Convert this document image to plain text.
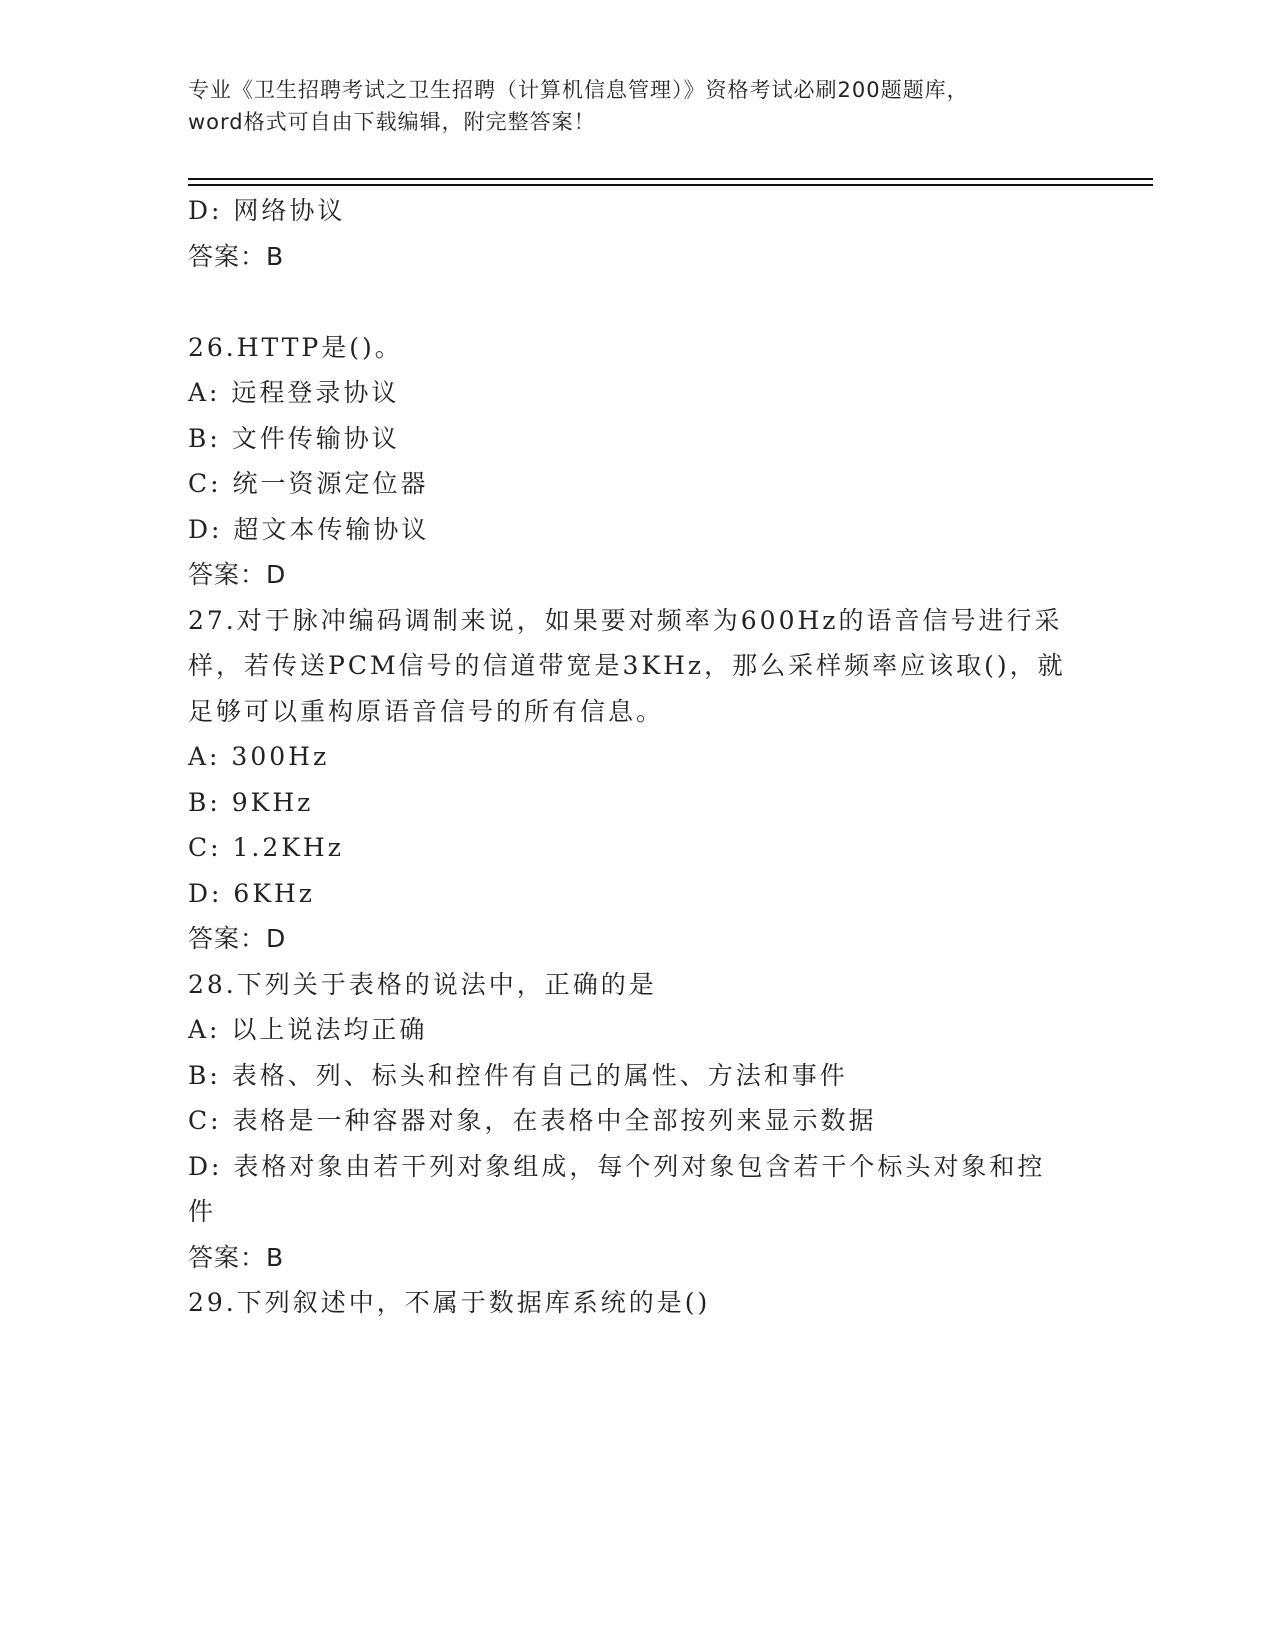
专业《卫生招聘考试之卫生招聘（计算机信息管理）》资格考试必刷200题题库，
word格式可自由下载编辑，附完整答案！
D: 网络协议
答案：B
26.HTTP是()。
A: 远程登录协议
B: 文件传输协议
C: 统一资源定位器
D: 超文本传输协议
答案：D
27.对于脉冲编码调制来说，如果要对频率为600Hz的语音信号进行采样，若传送PCM信号的信道带宽是3KHz，那么采样频率应该取()，就足够可以重构原语音信号的所有信息。
A: 300Hz
B: 9KHz
C: 1.2KHz
D: 6KHz
答案：D
28.下列关于表格的说法中，正确的是
A: 以上说法均正确
B: 表格、列、标头和控件有自己的属性、方法和事件
C: 表格是一种容器对象，在表格中全部按列来显示数据
D: 表格对象由若干列对象组成，每个列对象包含若干个标头对象和控件
答案：B
29.下列叙述中，不属于数据库系统的是()
